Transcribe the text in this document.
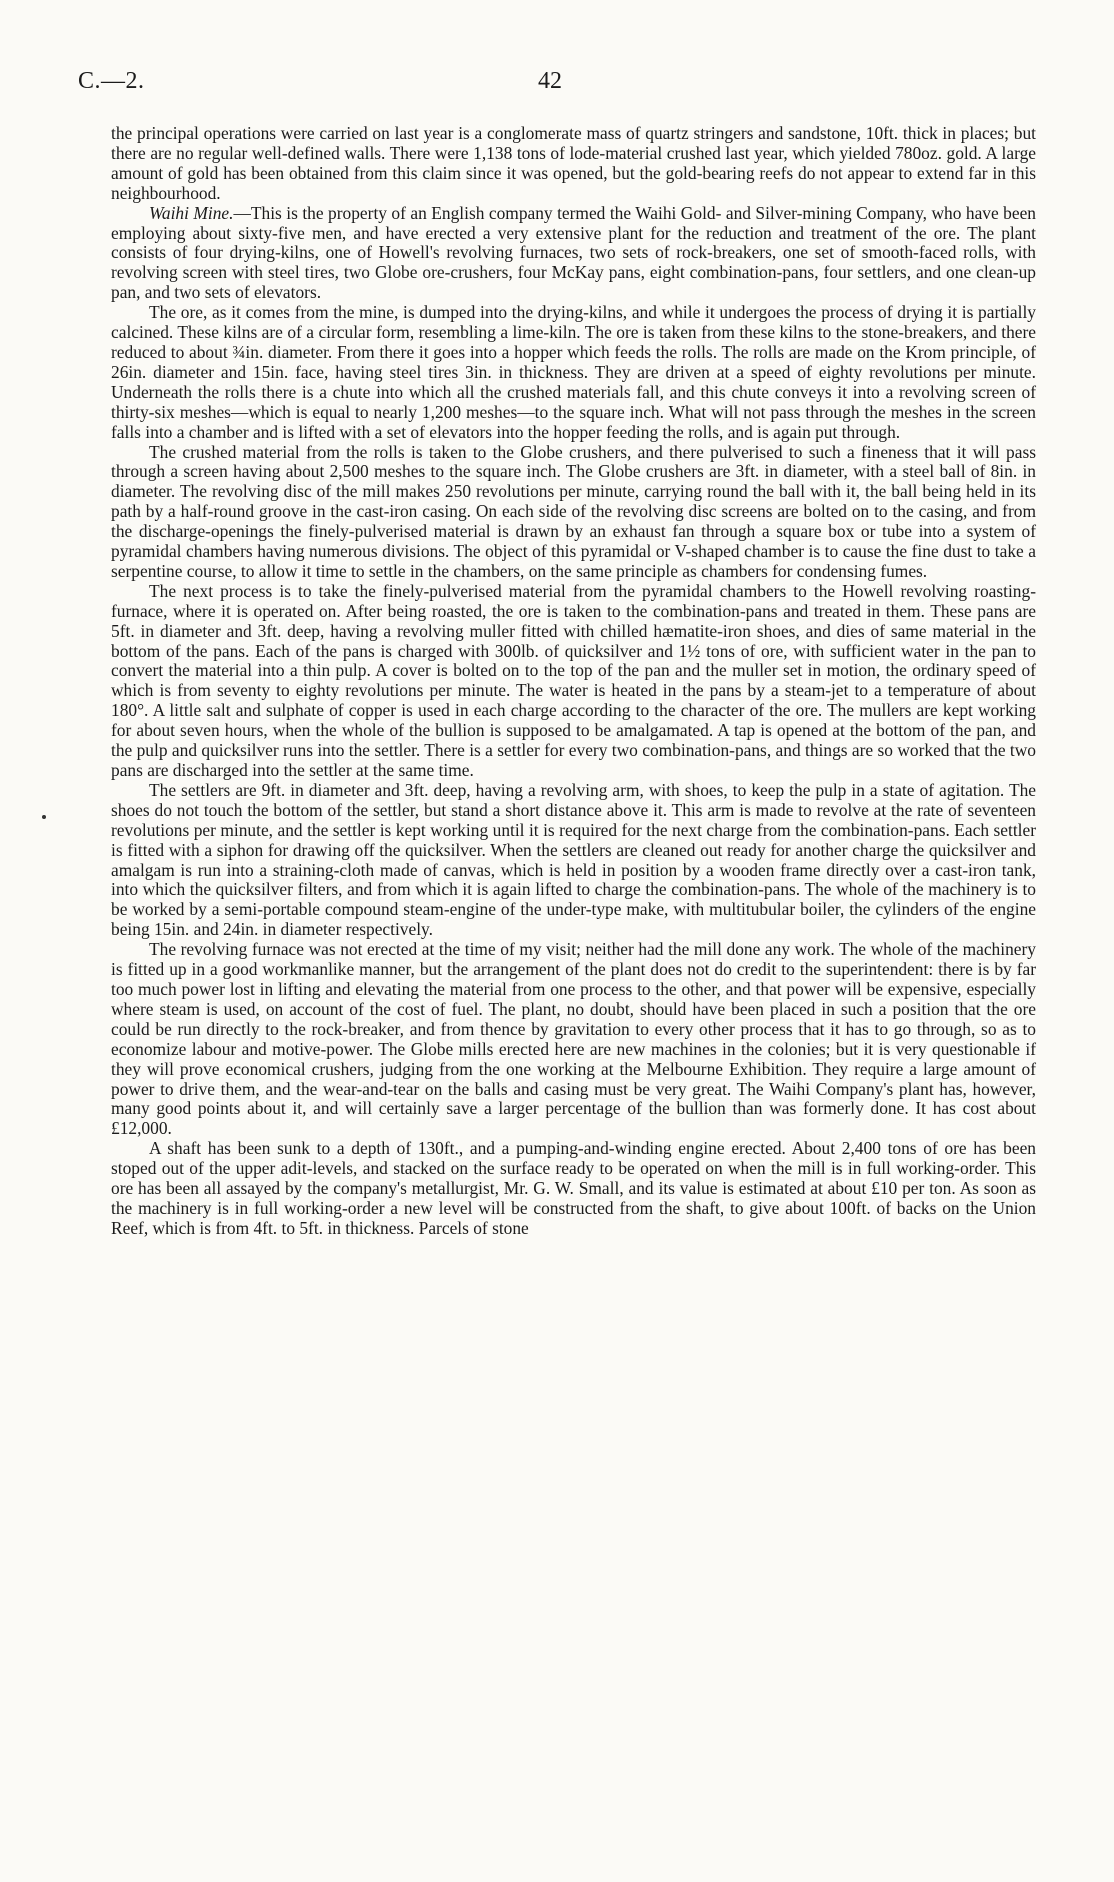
C.—2.	42

the principal operations were carried on last year is a conglomerate mass of quartz stringers and sandstone, 10ft. thick in places; but there are no regular well-defined walls. There were 1,138 tons of lode-material crushed last year, which yielded 780oz. gold. A large amount of gold has been obtained from this claim since it was opened, but the gold-bearing reefs do not appear to extend far in this neighbourhood.

Waihi Mine.—This is the property of an English company termed the Waihi Gold- and Silver-mining Company, who have been employing about sixty-five men, and have erected a very extensive plant for the reduction and treatment of the ore. The plant consists of four drying-kilns, one of Howell's revolving furnaces, two sets of rock-breakers, one set of smooth-faced rolls, with revolving screen with steel tires, two Globe ore-crushers, four McKay pans, eight combination-pans, four settlers, and one clean-up pan, and two sets of elevators.

The ore, as it comes from the mine, is dumped into the drying-kilns, and while it undergoes the process of drying it is partially calcined. These kilns are of a circular form, resembling a lime-kiln. The ore is taken from these kilns to the stone-breakers, and there reduced to about ¾in. diameter. From there it goes into a hopper which feeds the rolls. The rolls are made on the Krom principle, of 26in. diameter and 15in. face, having steel tires 3in. in thickness. They are driven at a speed of eighty revolutions per minute. Underneath the rolls there is a chute into which all the crushed materials fall, and this chute conveys it into a revolving screen of thirty-six meshes—which is equal to nearly 1,200 meshes—to the square inch. What will not pass through the meshes in the screen falls into a chamber and is lifted with a set of elevators into the hopper feeding the rolls, and is again put through.

The crushed material from the rolls is taken to the Globe crushers, and there pulverised to such a fineness that it will pass through a screen having about 2,500 meshes to the square inch. The Globe crushers are 3ft. in diameter, with a steel ball of 8in. in diameter. The revolving disc of the mill makes 250 revolutions per minute, carrying round the ball with it, the ball being held in its path by a half-round groove in the cast-iron casing. On each side of the revolving disc screens are bolted on to the casing, and from the discharge-openings the finely-pulverised material is drawn by an exhaust fan through a square box or tube into a system of pyramidal chambers having numerous divisions. The object of this pyramidal or V-shaped chamber is to cause the fine dust to take a serpentine course, to allow it time to settle in the chambers, on the same principle as chambers for condensing fumes.

The next process is to take the finely-pulverised material from the pyramidal chambers to the Howell revolving roasting-furnace, where it is operated on. After being roasted, the ore is taken to the combination-pans and treated in them. These pans are 5ft. in diameter and 3ft. deep, having a revolving muller fitted with chilled hæmatite-iron shoes, and dies of same material in the bottom of the pans. Each of the pans is charged with 300lb. of quicksilver and 1½ tons of ore, with sufficient water in the pan to convert the material into a thin pulp. A cover is bolted on to the top of the pan and the muller set in motion, the ordinary speed of which is from seventy to eighty revolutions per minute. The water is heated in the pans by a steam-jet to a temperature of about 180°. A little salt and sulphate of copper is used in each charge according to the character of the ore. The mullers are kept working for about seven hours, when the whole of the bullion is supposed to be amalgamated. A tap is opened at the bottom of the pan, and the pulp and quicksilver runs into the settler. There is a settler for every two combination-pans, and things are so worked that the two pans are discharged into the settler at the same time.

The settlers are 9ft. in diameter and 3ft. deep, having a revolving arm, with shoes, to keep the pulp in a state of agitation. The shoes do not touch the bottom of the settler, but stand a short distance above it. This arm is made to revolve at the rate of seventeen revolutions per minute, and the settler is kept working until it is required for the next charge from the combination-pans. Each settler is fitted with a siphon for drawing off the quicksilver. When the settlers are cleaned out ready for another charge the quicksilver and amalgam is run into a straining-cloth made of canvas, which is held in position by a wooden frame directly over a cast-iron tank, into which the quicksilver filters, and from which it is again lifted to charge the combination-pans. The whole of the machinery is to be worked by a semi-portable compound steam-engine of the under-type make, with multitubular boiler, the cylinders of the engine being 15in. and 24in. in diameter respectively.

The revolving furnace was not erected at the time of my visit; neither had the mill done any work. The whole of the machinery is fitted up in a good workmanlike manner, but the arrangement of the plant does not do credit to the superintendent: there is by far too much power lost in lifting and elevating the material from one process to the other, and that power will be expensive, especially where steam is used, on account of the cost of fuel. The plant, no doubt, should have been placed in such a position that the ore could be run directly to the rock-breaker, and from thence by gravitation to every other process that it has to go through, so as to economize labour and motive-power. The Globe mills erected here are new machines in the colonies; but it is very questionable if they will prove economical crushers, judging from the one working at the Melbourne Exhibition. They require a large amount of power to drive them, and the wear-and-tear on the balls and casing must be very great. The Waihi Company's plant has, however, many good points about it, and will certainly save a larger percentage of the bullion than was formerly done. It has cost about £12,000.

A shaft has been sunk to a depth of 130ft., and a pumping-and-winding engine erected. About 2,400 tons of ore has been stoped out of the upper adit-levels, and stacked on the surface ready to be operated on when the mill is in full working-order. This ore has been all assayed by the company's metallurgist, Mr. G. W. Small, and its value is estimated at about £10 per ton. As soon as the machinery is in full working-order a new level will be constructed from the shaft, to give about 100ft. of backs on the Union Reef, which is from 4ft. to 5ft. in thickness. Parcels of stone
